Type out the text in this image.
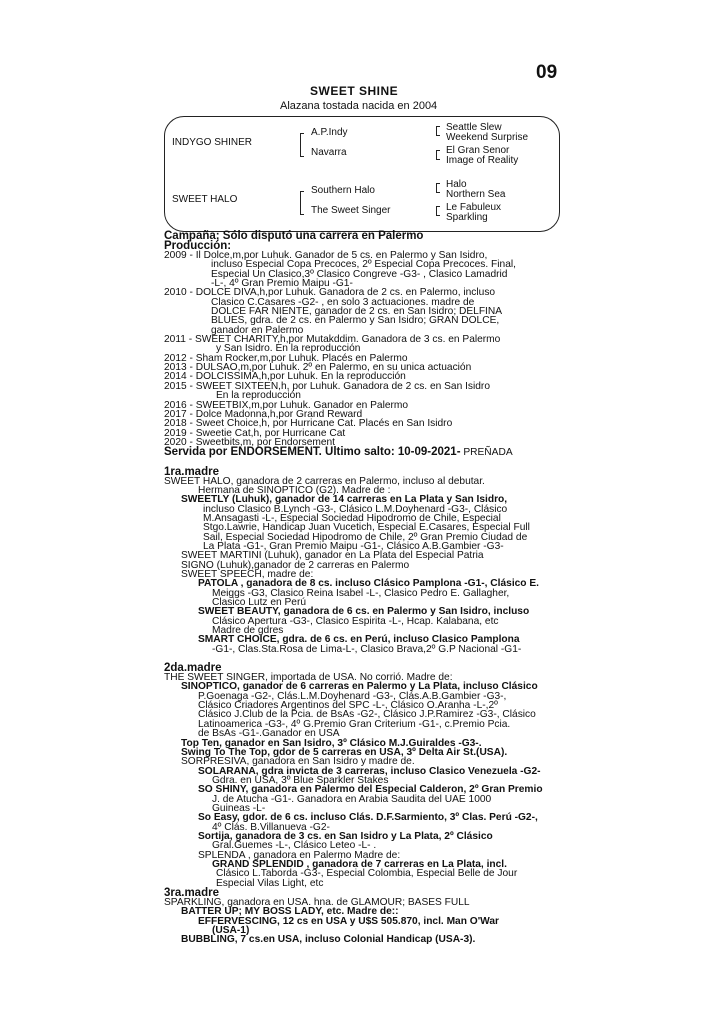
09
SWEET SHINE
Alazana tostada nacida en 2004
INDYGO SHINER
SWEET HALO
A.P.Indy
Navarra
Southern Halo
The Sweet Singer
Seattle Slew
Weekend Surprise
El Gran Senor
Image of Reality
Halo
Northern Sea
Le Fabuleux
Sparkling
Campaña; Sólo disputó una carrera en Palermo
Producción:
2009 - Il Dolce,m,por Luhuk. Ganador de 5 cs. en Palermo y San Isidro,
incluso Especial Copa Precoces, 2º Especial Copa Precoces. Final,
Especial Un Clasico,3º Clasico Congreve -G3- , Clasico Lamadrid
-L-, 4º Gran Premio Maipu -G1-
2010 - DOLCE DIVA,h,por Luhuk. Ganadora de 2 cs. en Palermo, incluso
Clasico C.Casares -G2- , en solo 3 actuaciones. madre de
DOLCE FAR NIENTE, ganador de 2 cs. en San Isidro; DELFINA
BLUES, gdra. de 2 cs. en Palermo y San Isidro; GRAN DOLCE,
ganador en Palermo
2011 - SWEET CHARITY,h,por Mutakddim. Ganadora de 3 cs. en Palermo
y San Isidro. En la reproducción
2012 - Sham Rocker,m,por Luhuk. Placés en Palermo
2013 - DULSAO,m,por Luhuk. 2º en Palermo, en su unica actuación
2014 - DOLCISSIMA,h,por Luhuk. En la reproducción
2015 - SWEET SIXTEEN,h, por Luhuk. Ganadora de 2 cs. en San Isidro
En la reproducción
2016 - SWEETBIX,m,por Luhuk. Ganador en Palermo
2017 - Dolce Madonna,h,por Grand Reward
2018 - Sweet Choice,h, por Hurricane Cat. Placés en San Isidro
2019 - Sweetie Cat,h, por Hurricane Cat
2020 - Sweetbits,m, por Endorsement
Servida por ENDORSEMENT. Ultimo salto: 10-09-2021- PREÑADA
1ra.madre
SWEET HALO, ganadora de 2 carreras en Palermo, incluso al debutar.
Hermana de SINOPTICO (G2). Madre de :
SWEETLY (Luhuk), ganador de 14 carreras en La Plata y San Isidro,
incluso Clasico B.Lynch -G3-, Clásico L.M.Doyhenard -G3-, Clásico
M.Ansagasti -L-, Especial Sociedad Hipodromo de Chile, Especial
Stgo.Lawrie, Handicap Juan Vucetich, Especial E.Casares, Especial Full
Sail, Especial Sociedad Hipodromo de Chile, 2º Gran Premio Ciudad de
La Plata -G1-, Gran Premio Maipu -G1-, Clásico A.B.Gambier -G3-
SWEET MARTINI (Luhuk), ganador en La Plata del Especial Patria
SIGNO (Luhuk),ganador de 2 carreras en Palermo
SWEET SPEECH, madre de:
PATOLA , ganadora de 8 cs. incluso Clásico Pamplona -G1-, Clásico E.
Meiggs -G3, Clasico Reina Isabel -L-, Clasico Pedro E. Gallagher,
Clasico Lutz en Perú
SWEET BEAUTY, ganadora de 6 cs. en Palermo y San Isidro, incluso
Clásico Apertura -G3-, Clasico Espirita -L-, Hcap. Kalabana, etc
Madre de gdres
SMART CHOICE, gdra. de 6 cs. en Perú, incluso Clasico Pamplona
-G1-, Clas.Sta.Rosa de Lima-L-, Clasico Brava,2º G.P Nacional -G1-
2da.madre
THE SWEET SINGER, importada de USA. No corrió. Madre de:
SINOPTICO, ganador de 6 carreras en Palermo y La Plata, incluso Clásico
P.Goenaga -G2-, Clás.L.M.Doyhenard -G3-, Clás.A.B.Gambier -G3-,
Clásico Criadores Argentinos del SPC -L-, Clásico O.Aranha -L-,2º
Clásico J.Club de la Pcia. de BsAs -G2-, Clásico J.P.Ramirez -G3-, Clásico
Latinoamerica -G3-, 4º G.Premio Gran Criterium -G1-, c.Premio Pcia.
de BsAs -G1-.Ganador en USA
Top Ten, ganador en San Isidro, 3º Clásico M.J.Guiraldes -G3-.
Swing To The Top, gdor de 5 carreras en USA, 3º Delta Air St.(USA).
SORPRESIVA, ganadora en San Isidro y madre de.
SOLARANA, gdra invicta de 3 carreras, incluso Clasico Venezuela -G2-
Gdra. en USA, 3º Blue Sparkler Stakes
SO SHINY, ganadora en Palermo del Especial Calderon, 2º Gran Premio
J. de Atucha -G1-. Ganadora en Arabia Saudita del UAE 1000
Guineas -L-
So Easy, gdor. de 6 cs. incluso Clás. D.F.Sarmiento, 3º Clas. Perú -G2-,
4º Clás. B.Villanueva -G2-
Sortija, ganadora de 3 cs. en San Isidro y La Plata, 2º Clásico
Gral.Guemes -L-, Clásico Leteo -L- .
SPLENDA , ganadora en Palermo Madre de:
GRAND SPLENDID , ganadora de 7 carreras en La Plata, incl.
Clásico L.Taborda -G3-, Especial Colombia, Especial Belle de Jour
Especial Vilas Light, etc
3ra.madre
SPARKLING, ganadora en USA. hna. de GLAMOUR; BASES FULL
BATTER UP; MY BOSS LADY, etc. Madre de::
EFFERVESCING, 12 cs en USA y U$S 505.870, incl. Man O'War
(USA-1)
BUBBLING, 7 cs.en USA, incluso Colonial Handicap (USA-3).
